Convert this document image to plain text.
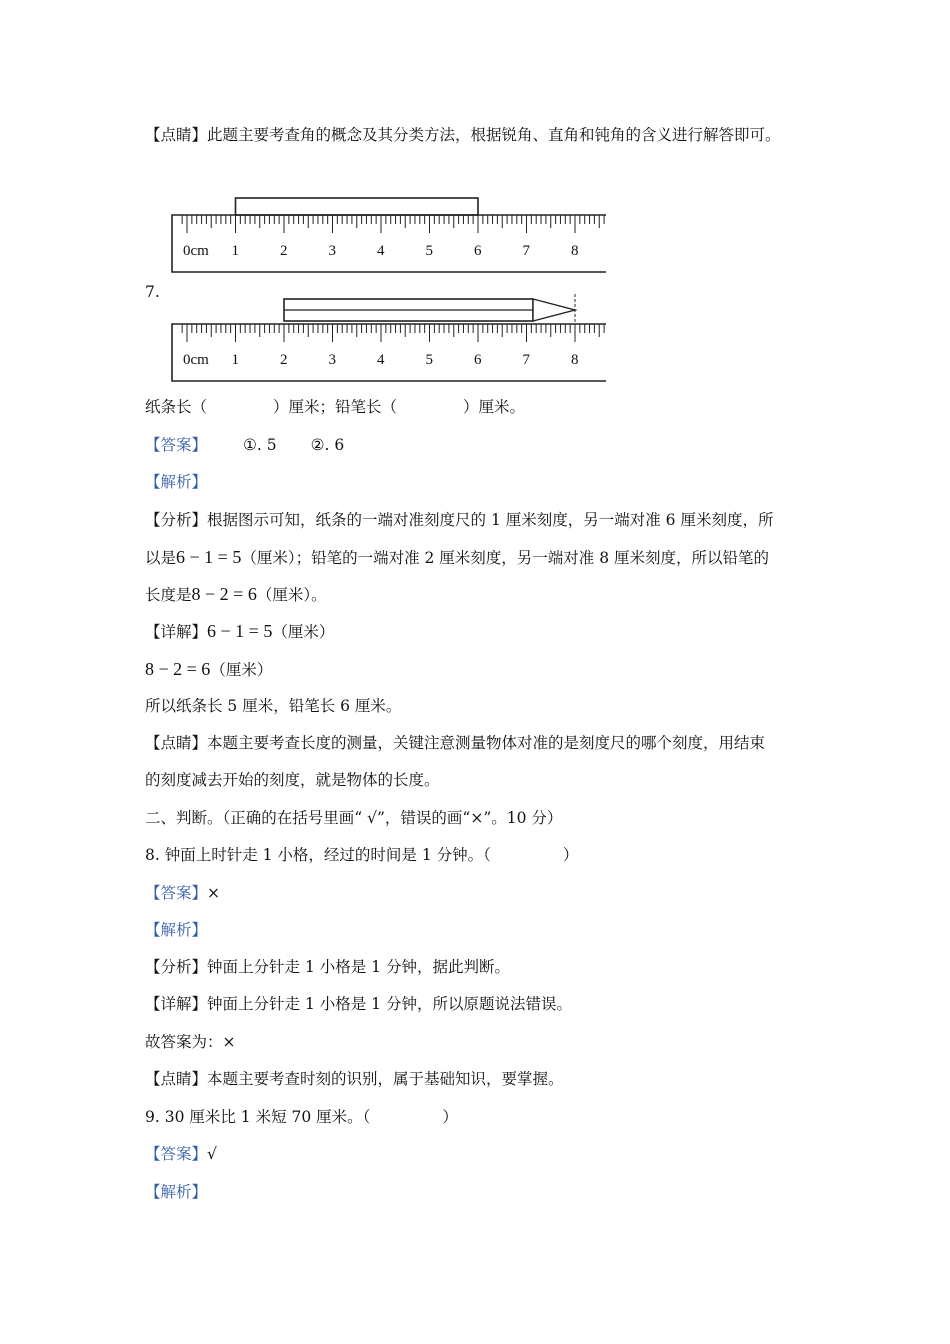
【点睛】此题主要考查角的概念及其分类方法，根据锐角、直角和钝角的含义进行解答即可。
0cm 1	2	3	4	5	6	7	8
7.
0cm 1	2	3	4	5	6	7	8
纸条长（	）厘米；铅笔长（	）厘米。
【答案】 ①. 5 ②. 6
【解析】
【分析】根据图示可知，纸条的一端对准刻度尺的 1 厘米刻度，另一端对准 6 厘米刻度，所
以是6 − 1 = 5（厘米）；铅笔的一端对准 2 厘米刻度，另一端对准 8 厘米刻度，所以铅笔的
长度是8 − 2 = 6（厘米）。
【详解】6 − 1 = 5（厘米）
8 − 2 = 6（厘米）
所以纸条长 5 厘米，铅笔长 6 厘米。
【点睛】本题主要考查长度的测量，关键注意测量物体对准的是刻度尺的哪个刻度，用结束
的刻度减去开始的刻度，就是物体的长度。
二、判断。（正确的在括号里画“ √”，错误的画“×”。10 分）
8. 钟面上时针走 1 小格，经过的时间是 1 分钟。（	）
【答案】×
【解析】
【分析】钟面上分针走 1 小格是 1 分钟，据此判断。
【详解】钟面上分针走 1 小格是 1 分钟，所以原题说法错误。
故答案为：×
【点睛】本题主要考查时刻的识别，属于基础知识，要掌握。
9. 30 厘米比 1 米短 70 厘米。（	）
【答案】√
【解析】
